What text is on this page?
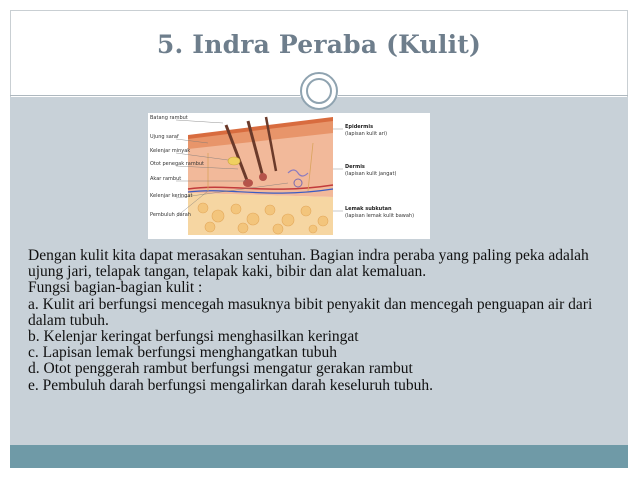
5. Indra Peraba (Kulit)
Batang rambut
Ujung saraf
Kelenjar minyak
Otot penegak rambut
Akar rambut
Kelenjar keringat
Pembuluh darah
Epidermis
(lapisan kulit ari)
Dermis
(lapisan kulit jangat)
Lemak subkutan
(lapisan lemak kulit bawah)

Dengan kulit kita dapat merasakan sentuhan. Bagian indra peraba yang paling peka adalah ujung jari, telapak tangan, telapak kaki, bibir dan alat kemaluan.

Fungsi bagian-bagian kulit :

a. Kulit ari berfungsi mencegah masuknya bibit penyakit dan mencegah penguapan air dari dalam tubuh.

b. Kelenjar keringat berfungsi menghasilkan keringat

c. Lapisan lemak berfungsi menghangatkan tubuh

d. Otot penggerah rambut berfungsi mengatur gerakan rambut

e. Pembuluh darah berfungsi mengalirkan darah keseluruh tubuh.
